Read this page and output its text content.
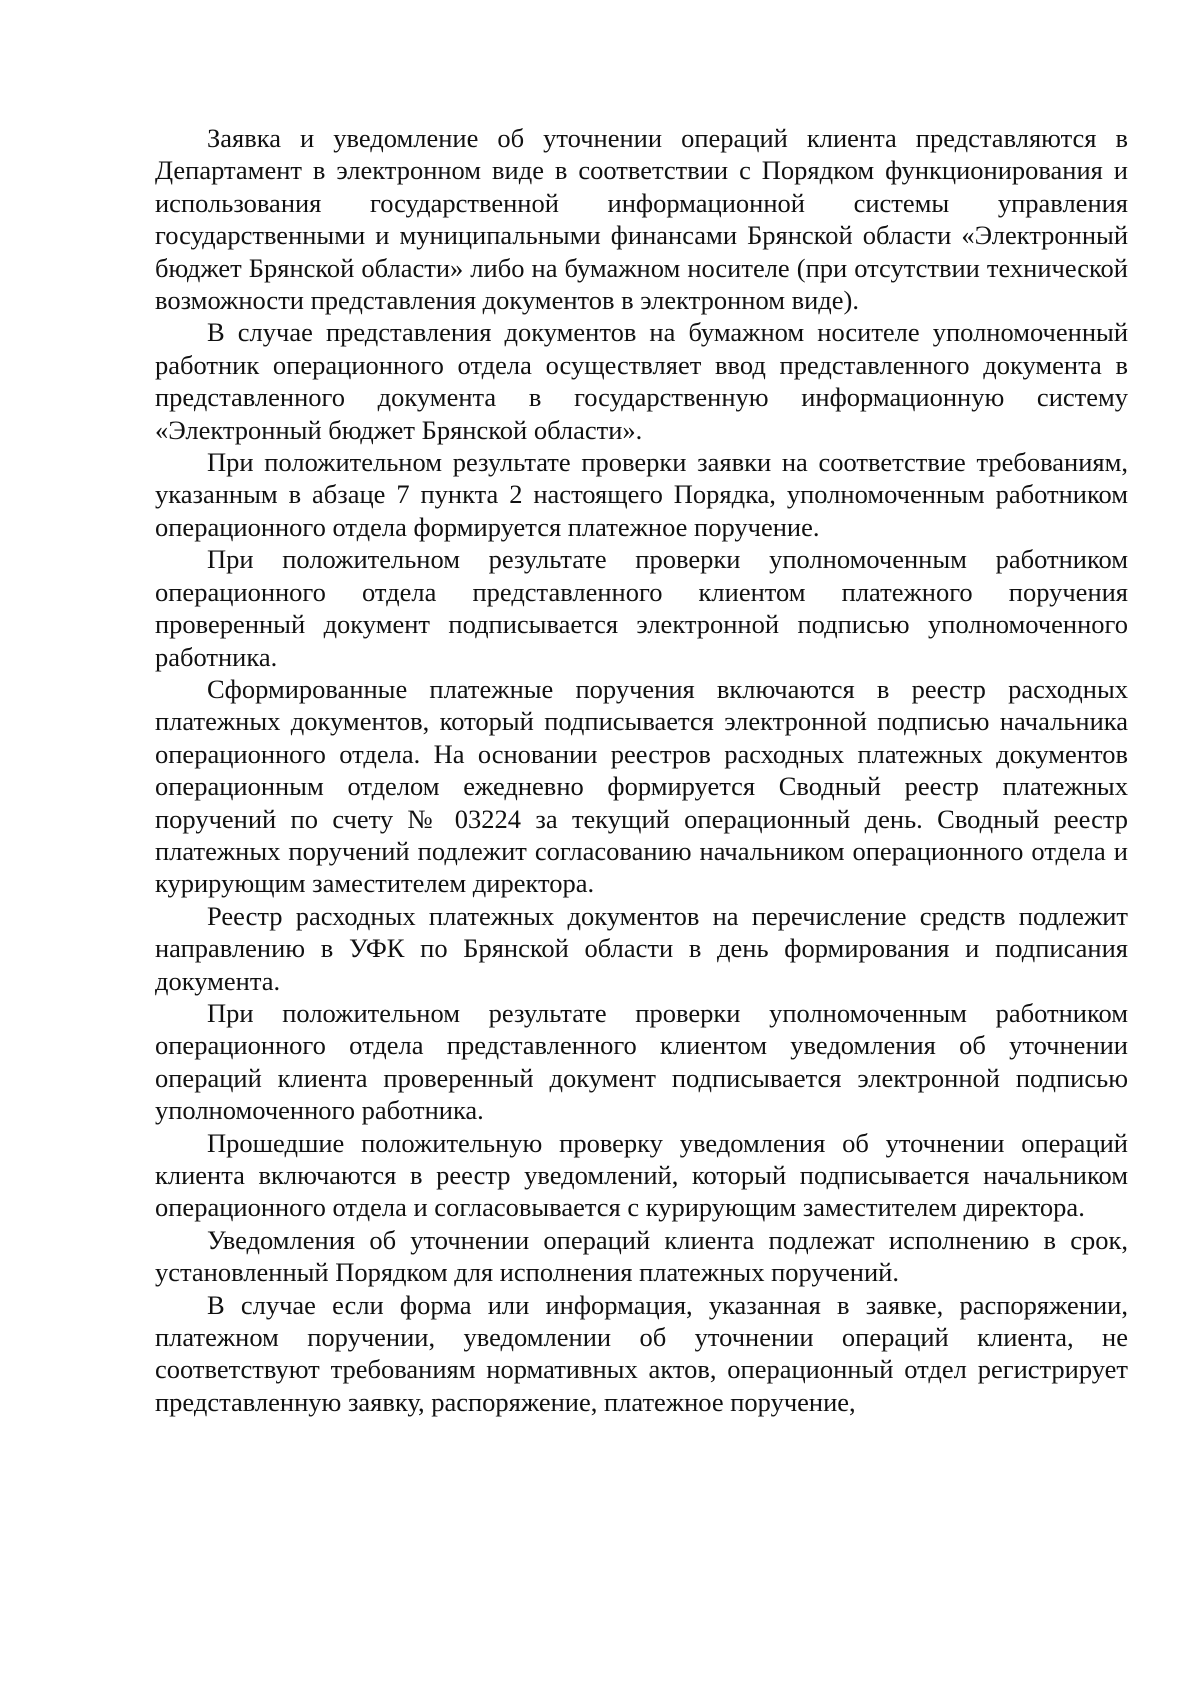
Заявка и уведомление об уточнении операций клиента представляются в Департамент в электронном виде в соответствии с Порядком функционирования и использования государственной информационной системы управления государственными и муниципальными финансами Брянской области «Электронный бюджет Брянской области» либо на бумажном носителе (при отсутствии технической возможности представления документов в электронном виде).

В случае представления документов на бумажном носителе уполномоченный работник операционного отдела осуществляет ввод представленного документа в представленного документа в государственную информационную систему «Электронный бюджет Брянской области».

При положительном результате проверки заявки на соответствие требованиям, указанным в абзаце 7 пункта 2 настоящего Порядка, уполномоченным работником операционного отдела формируется платежное поручение.

При положительном результате проверки уполномоченным работником операционного отдела представленного клиентом платежного поручения проверенный документ подписывается электронной подписью уполномоченного работника.

Сформированные платежные поручения включаются в реестр расходных платежных документов, который подписывается электронной подписью начальника операционного отдела. На основании реестров расходных платежных документов операционным отделом ежедневно формируется Сводный реестр платежных поручений по счету № 03224 за текущий операционный день. Сводный реестр платежных поручений подлежит согласованию начальником операционного отдела и курирующим заместителем директора.

Реестр расходных платежных документов на перечисление средств подлежит направлению в УФК по Брянской области в день формирования и подписания документа.

При положительном результате проверки уполномоченным работником операционного отдела представленного клиентом уведомления об уточнении операций клиента проверенный документ подписывается электронной подписью уполномоченного работника.

Прошедшие положительную проверку уведомления об уточнении операций клиента включаются в реестр уведомлений, который подписывается начальником операционного отдела и согласовывается с курирующим заместителем директора.

Уведомления об уточнении операций клиента подлежат исполнению в срок, установленный Порядком для исполнения платежных поручений.

В случае если форма или информация, указанная в заявке, распоряжении, платежном поручении, уведомлении об уточнении операций клиента, не соответствуют требованиям нормативных актов, операционный отдел регистрирует представленную заявку, распоряжение, платежное поручение,
